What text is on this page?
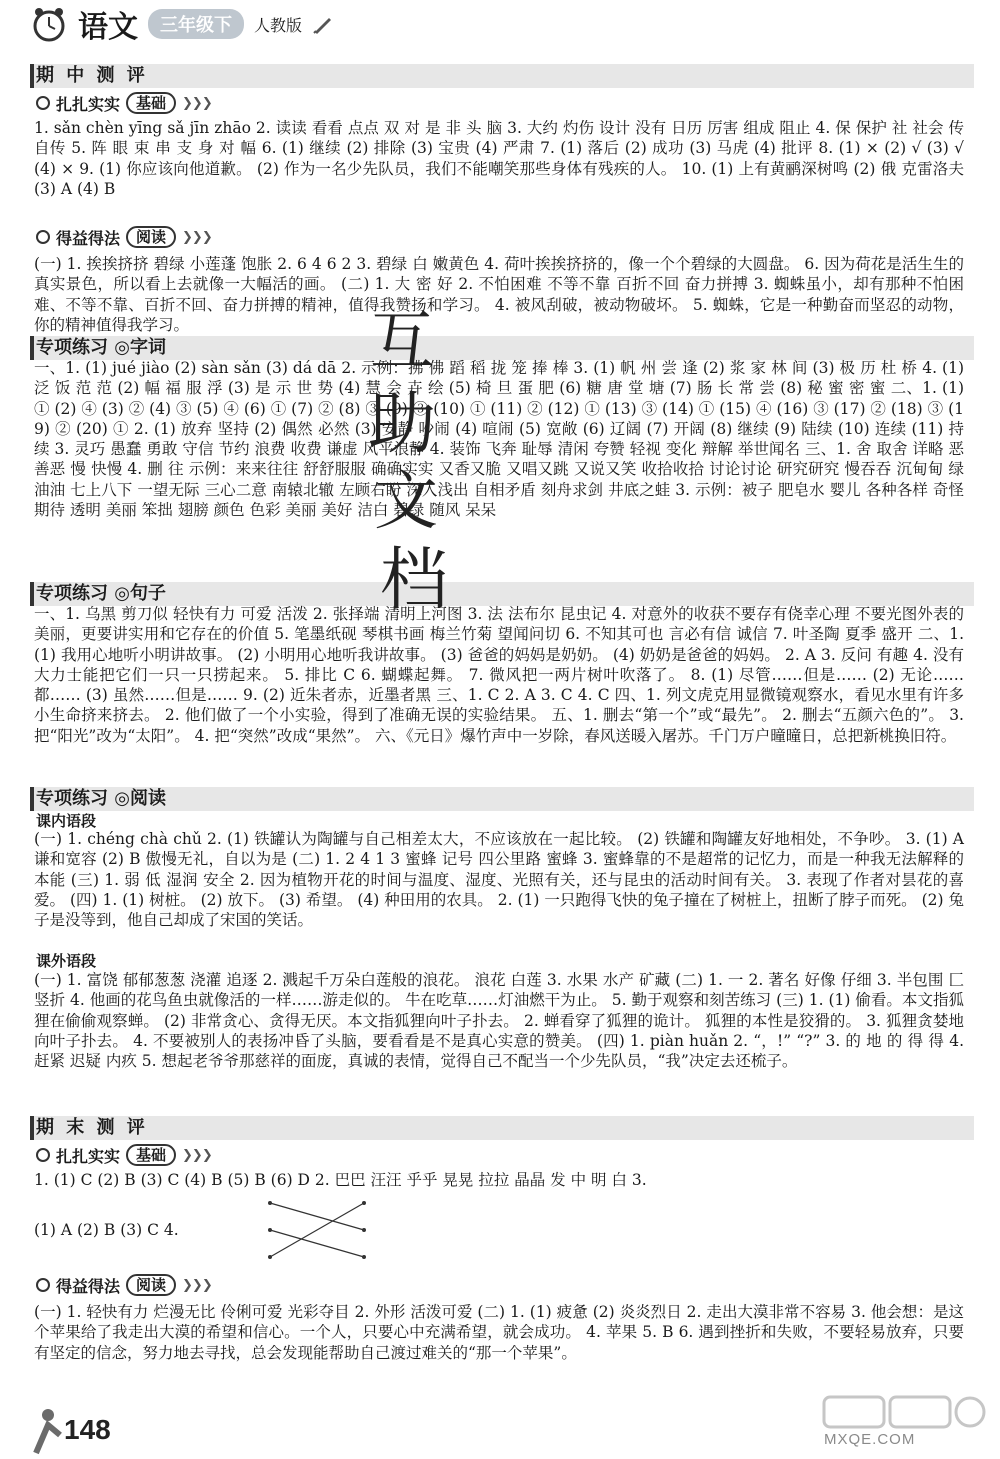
语文	三年级下	人教版
期 中 测 评
扎扎实实	基础	❯❯❯
1. sǎn chèn yīng sǎ jīn zhāo 2. 读读 看看 点点 双 对 是 非 头 脑 3. 大约 灼伤 设计 没有 日历 厉害 组成 阻止 4. 保 保护 社 社会 传 自传 5. 阵 眼 束 串 支 身 对 幅 6. (1) 继续 (2) 排除 (3) 宝贵 (4) 严肃 7. (1) 落后 (2) 成功 (3) 马虎 (4) 批评 8. (1) × (2) √ (3) √ (4) × 9. (1) 你应该向他道歉。 (2) 作为一名少先队员，我们不能嘲笑那些身体有残疾的人。 10. (1) 上有黄鹂深树鸣 (2) 俄 克雷洛夫 (3) A (4) B
得益得法	阅读	❯❯❯
(一) 1. 挨挨挤挤 碧绿 小莲蓬 饱胀 2. 6 4 6 2 3. 碧绿 白 嫩黄色 4. 荷叶挨挨挤挤的，像一个个碧绿的大圆盘。 6. 因为荷花是活生生的真实景色，所以看上去就像一大幅活的画。 (二) 1. 大 密 好 2. 不怕困难 不等不靠 百折不回 奋力拼搏 3. 蜘蛛虽小，却有那种不怕困难、不等不靠、百折不回、奋力拼搏的精神，值得我赞扬和学习。 4. 被风刮破，被动物破坏。 5. 蜘蛛，它是一种勤奋而坚忍的动物，你的精神值得我学习。
专项练习 ◎字词
一、1. (1) jué jiào (2) sàn sǎn (3) dá dā 2. 示例：拂 佛 蹈 稻 拢 笼 捧 棒 3. (1) 帆 州 尝 逢 (2) 浆 家 林 间 (3) 极 历 杜 桥 4. (1) 泛 饭 范 范 (2) 幅 福 服 浮 (3) 是 示 世 势 (4) 慧 会 卉 绘 (5) 椅 旦 蛋 肥 (6) 糖 唐 堂 塘 (7) 肠 长 常 尝 (8) 秘 蜜 密 蜜 二、1. (1) ① (2) ④ (3) ② (4) ③ (5) ④ (6) ① (7) ② (8) ③ (9) ③ (10) ① (11) ② (12) ① (13) ③ (14) ① (15) ④ (16) ③ (17) ② (18) ③ (19) ② (20) ① 2. (1) 放弃 坚持 (2) 偶然 必然 (3) 安静 吵闹 (4) 喧闹 (5) 宽敞 (6) 辽阔 (7) 开阔 (8) 继续 (9) 陆续 (10) 连续 (11) 持续 3. 灵巧 愚蠢 勇敢 守信 节约 浪费 收费 谦虚 风平浪静 4. 装饰 飞奔 耻辱 清闲 夸赞 轻视 变化 辩解 举世闻名 三、1. 舍 取舍 详略 恶 善恶 慢 快慢 4. 删 往 示例：来来往往 舒舒服服 确确实实 又香又脆 又唱又跳 又说又笑 收拾收拾 讨论讨论 研究研究 慢吞吞 沉甸甸 绿油油 七上八下 一望无际 三心二意 南辕北辙 左顾右盼 深入浅出 自相矛盾 刻舟求剑 井底之蛙 3. 示例：被子 肥皂水 婴儿 各种各样 奇怪 期待 透明 美丽 笨拙 翅膀 颜色 色彩 美丽 美好 洁白 碧绿 随风 呆呆
专项练习 ◎句子
一、1. 乌黑 剪刀似 轻快有力 可爱 活泼 2. 张择端 清明上河图 3. 法 法布尔 昆虫记 4. 对意外的收获不要存有侥幸心理 不要光图外表的美丽，更要讲实用和它存在的价值 5. 笔墨纸砚 琴棋书画 梅兰竹菊 望闻问切 6. 不知其可也 言必有信 诚信 7. 叶圣陶 夏季 盛开 二、1. (1) 我用心地听小明讲故事。 (2) 小明用心地听我讲故事。 (3) 爸爸的妈妈是奶奶。 (4) 奶奶是爸爸的妈妈。 2. A 3. 反问 有趣 4. 没有大力士能把它们一只一只捞起来。 5. 排比 C 6. 蝴蝶起舞。 7. 微风把一两片树叶吹落了。 8. (1) 尽管……但是…… (2) 无论……都…… (3) 虽然……但是…… 9. (2) 近朱者赤，近墨者黑 三、1. C 2. A 3. C 4. C 四、1. 列文虎克用显微镜观察水，看见水里有许多小生命挤来挤去。 2. 他们做了一个小实验，得到了准确无误的实验结果。 五、1. 删去“第一个”或“最先”。 2. 删去“五颜六色的”。 3. 把“阳光”改为“太阳”。 4. 把“突然”改成“果然”。 六、《元日》爆竹声中一岁除，春风送暖入屠苏。千门万户曈曈日，总把新桃换旧符。
专项练习 ◎阅读
课内语段
(一) 1. chéng chà chǔ 2. (1) 铁罐认为陶罐与自己相差太大，不应该放在一起比较。 (2) 铁罐和陶罐友好地相处，不争吵。 3. (1) A 谦和宽容 (2) B 傲慢无礼，自以为是 (二) 1. 2 4 1 3 蜜蜂 记号 四公里路 蜜蜂 3. 蜜蜂靠的不是超常的记忆力，而是一种我无法解释的本能 (三) 1. 弱 低 湿润 安全 2. 因为植物开花的时间与温度、湿度、光照有关，还与昆虫的活动时间有关。 3. 表现了作者对昙花的喜爱。 (四) 1. (1) 树桩。 (2) 放下。 (3) 希望。 (4) 种田用的农具。 2. (1) 一只跑得飞快的兔子撞在了树桩上，扭断了脖子而死。 (2) 兔子是没等到，他自己却成了宋国的笑话。
课外语段
(一) 1. 富饶 郁郁葱葱 浇灌 追逐 2. 溅起千万朵白莲般的浪花。 浪花 白莲 3. 水果 水产 矿藏 (二) 1. 一 2. 著名 好像 仔细 3. 半包围 匚 竖折 4. 他画的花鸟鱼虫就像活的一样……游走似的。 牛在吃草……灯油燃干为止。 5. 勤于观察和刻苦练习 (三) 1. (1) 偷看。本文指狐狸在偷偷观察蝉。 (2) 非常贪心、贪得无厌。本文指狐狸向叶子扑去。 2. 蝉看穿了狐狸的诡计。 狐狸的本性是狡猾的。 3. 狐狸贪婪地向叶子扑去。 4. 不要被别人的表扬冲昏了头脑，要看看是不是真心实意的赞美。 (四) 1. piàn huǎn 2. “，!” “?” 3. 的 地 的 得 得 4. 赶紧 迟疑 内疚 5. 想起老爷爷那慈祥的面庞，真诚的表情，觉得自己不配当一个少先队员，“我”决定去还梳子。
期 末 测 评
扎扎实实	基础	❯❯❯
1. (1) C (2) B (3) C (4) B (5) B (6) D 2. 巴巴 汪汪 乎乎 晃晃 拉拉 晶晶 发 中 明 白 3.
(1) A (2) B (3) C 4.
得益得法	阅读	❯❯❯
(一) 1. 轻快有力 烂漫无比 伶俐可爱 光彩夺目 2. 外形 活泼可爱 (二) 1. (1) 疲惫 (2) 炎炎烈日 2. 走出大漠非常不容易 3. 他会想：是这个苹果给了我走出大漠的希望和信心。一个人，只要心中充满希望，就会成功。 4. 苹果 5. B 6. 遇到挫折和失败，不要轻易放弃，只要有坚定的信念，努力地去寻找，总会发现能帮助自己渡过难关的“那一个苹果”。
互
助
文
档
148	MXQE.COM
